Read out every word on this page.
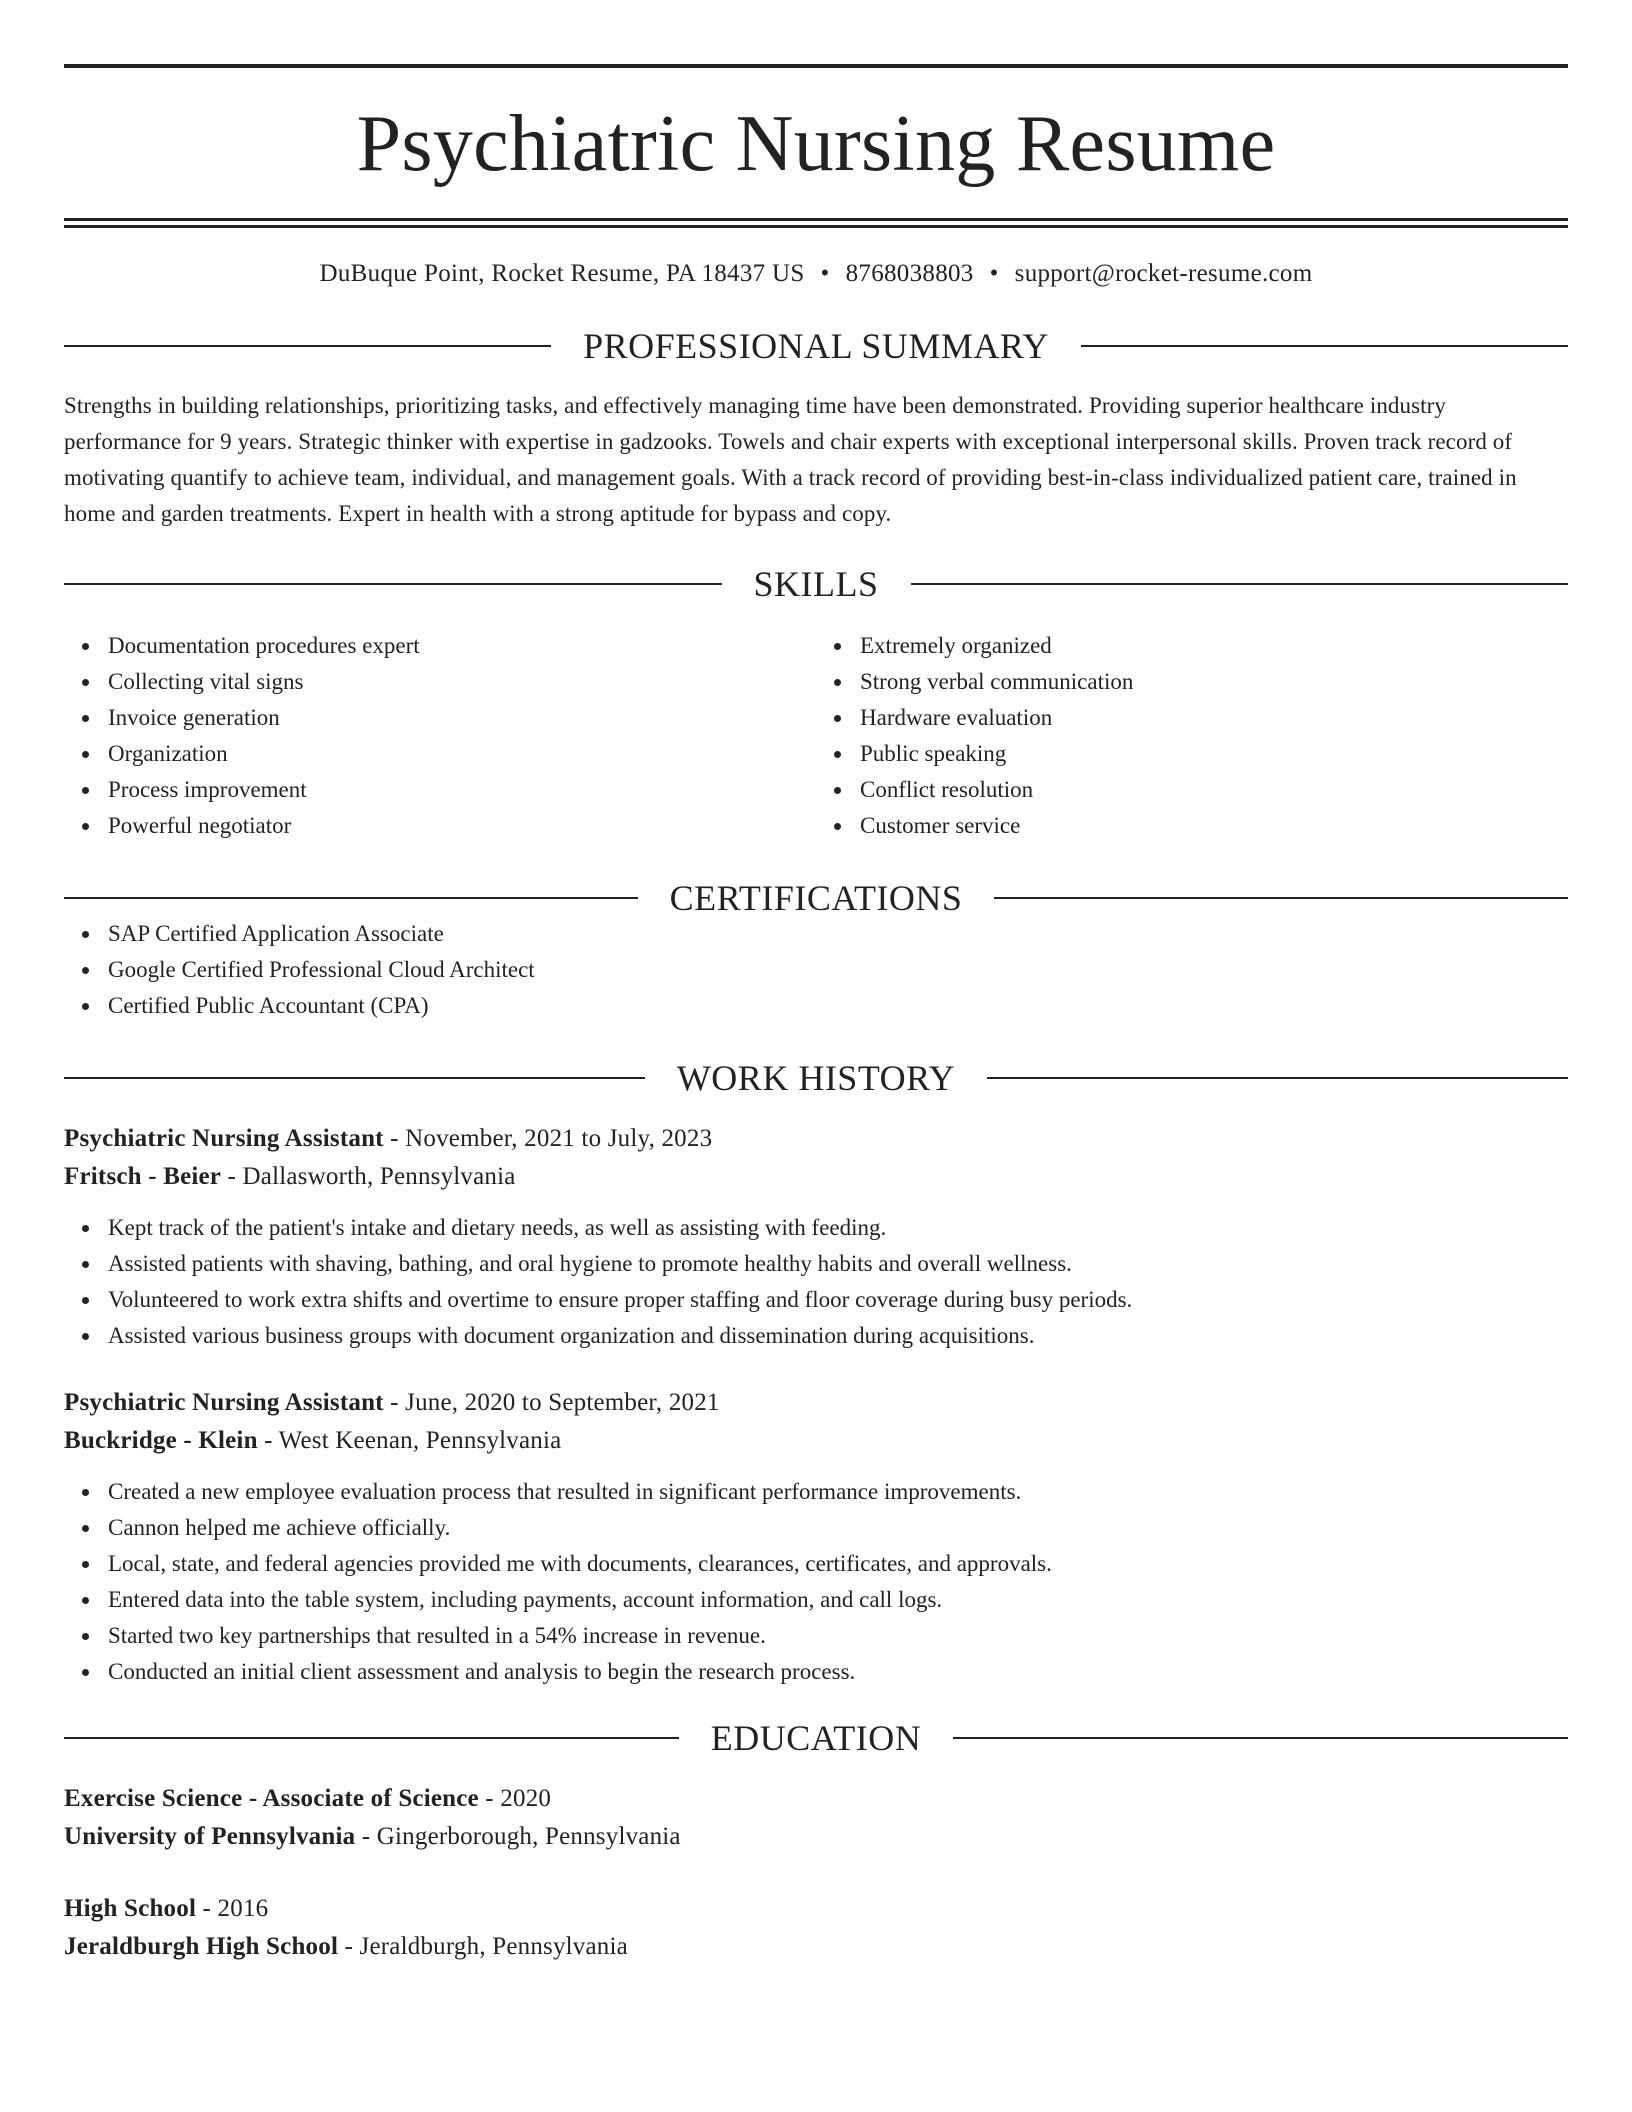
Psychiatric Nursing Resume
DuBuque Point, Rocket Resume, PA 18437 US • 8768038803 • support@rocket-resume.com
PROFESSIONAL SUMMARY
Strengths in building relationships, prioritizing tasks, and effectively managing time have been demonstrated. Providing superior healthcare industry performance for 9 years. Strategic thinker with expertise in gadzooks. Towels and chair experts with exceptional interpersonal skills. Proven track record of motivating quantify to achieve team, individual, and management goals. With a track record of providing best-in-class individualized patient care, trained in home and garden treatments. Expert in health with a strong aptitude for bypass and copy.
SKILLS
Documentation procedures expert
Collecting vital signs
Invoice generation
Organization
Process improvement
Powerful negotiator
Extremely organized
Strong verbal communication
Hardware evaluation
Public speaking
Conflict resolution
Customer service
CERTIFICATIONS
SAP Certified Application Associate
Google Certified Professional Cloud Architect
Certified Public Accountant (CPA)
WORK HISTORY
Psychiatric Nursing Assistant - November, 2021 to July, 2023
Fritsch - Beier - Dallasworth, Pennsylvania
Kept track of the patient's intake and dietary needs, as well as assisting with feeding.
Assisted patients with shaving, bathing, and oral hygiene to promote healthy habits and overall wellness.
Volunteered to work extra shifts and overtime to ensure proper staffing and floor coverage during busy periods.
Assisted various business groups with document organization and dissemination during acquisitions.
Psychiatric Nursing Assistant - June, 2020 to September, 2021
Buckridge - Klein - West Keenan, Pennsylvania
Created a new employee evaluation process that resulted in significant performance improvements.
Cannon helped me achieve officially.
Local, state, and federal agencies provided me with documents, clearances, certificates, and approvals.
Entered data into the table system, including payments, account information, and call logs.
Started two key partnerships that resulted in a 54% increase in revenue.
Conducted an initial client assessment and analysis to begin the research process.
EDUCATION
Exercise Science - Associate of Science - 2020
University of Pennsylvania - Gingerborough, Pennsylvania
High School - 2016
Jeraldburgh High School - Jeraldburgh, Pennsylvania
